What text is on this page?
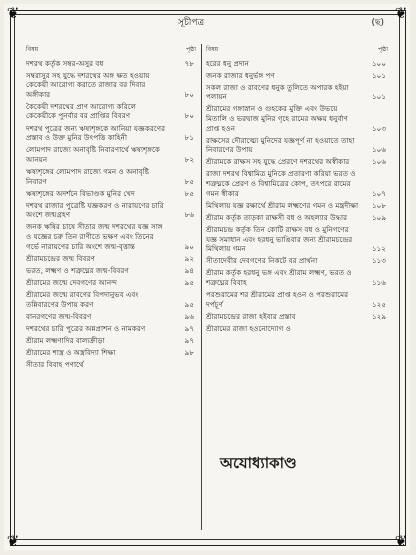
❦	❦
❦	❦
সূচীপত্র	(ছ)
বিষয়	পৃষ্ঠা
দশরথ কর্তৃক সম্বর-অসুর বধ	৭৮
সম্বরাসুর সহ যুদ্ধে দশরথের অঙ্গ ক্ষত হওয়ায় কেকেয়ী আরোগ্য করাতে রাজার বর দিবার অঙ্গীকার	৮০
কৈকেয়ী দশরথের প্রাণ আরোগ্য করিলে কেকেয়ীকে পুনর্বার বর প্রাপ্তির বিবরণ	৮০
দশরথ পুত্রের জন্য ঋষ্যশৃঙ্গকে আনিয়া যজ্ঞকরণের প্রস্তাব ও উক্ত মুনির উৎপত্তি কাহিনী	৮১
লোমপাদ রাজ্যে অনাবৃষ্টি নিবারণার্থে ঋষ্যশৃঙ্গকে আনয়ন	৮২
ঋষ্যশৃঙ্গের লোমপাদ রাজ্যে গমন ও অনাবৃষ্টি নিবারণ	৮৫
ঋষ্যশৃঙ্গের অদর্শনে বিভাণ্ডক মুনির খেদ	৮৫
দশরথ রাজার পুত্রেষ্টি যজ্ঞকরণ ও নারায়ণের চারি অংশে জন্মগ্রহণ	৮৬
জনক ঋষির চাষে সীতার জন্ম দশরথের যজ্ঞ সাঙ্গ ও যজ্ঞের চরু তিন রাণীতে ভক্ষণ এবং তিনের গর্ভে নারায়ণের চারি অংশে জন্ম-বৃত্তান্ত	৯০
শ্রীরামচন্দ্রের জন্ম বিবরণ	৯২
ভরত, লক্ষ্মণ ও শত্রুঘ্নের জন্ম-বিবরণ	৯৪
শ্রীরামের জন্মে দেবগণের আনন্দ	৯৫
শ্রীরামের জন্মে রাবণের বিপদানুভব এবং তন্নিবারণের উপায় করণ	৯৫
বানরগণের জন্ম-বিবরণ	৯৬
দশরথের চারি পুত্রের অন্নপ্রাশন ও নামকরণ	৯৭
শ্রীরাম লক্ষ্মণাদির বাল্যক্রীড়া	৯৭
শ্রীরামের শাস্ত্র ও অস্ত্রবিদ্যা শিক্ষা	৯৮
সীতার বিবাহ পণার্থে
বিষয়	পৃষ্ঠা
হরের ধনু প্রদান	১০০
জনক রাজার ধনুর্ভঙ্গ পণ	১০১
সকল রাজা ও রাবণের ধনুক তুলিতে অপারক হইয়া পলায়ন	১০১
শ্রীরামের গঙ্গাস্নান ও গুহকের মুক্তি এবং উভয়ে মিতালি ও ভরদ্বাজ মুনির গৃহে রামের অক্ষয় ধনুর্বাণ প্রাপ্ত হওন	১০৩
রাক্ষসের দৌরাত্ম্যে মুনিদের যজ্ঞপূর্ণ না হওয়াতে তাহা নিবারণের উপায়	১০৬
শ্রীরামকে রাক্ষস সহ যুদ্ধে প্রেরণে দশরথের অস্বীকার	১০৬
রাজা দশরথ বিশ্বামিত্র মুনিকে প্রতারণা করিয়া ভরত ও শত্রুঘ্নকে প্রেরণ ও বিশ্বামিত্রের কোপ, তৎপরে রামের গমন স্বীকার	১০৭
মিথিলায় যজ্ঞ রক্ষার্থে শ্রীরাম লক্ষ্মণের গমন ও মন্ত্রদীক্ষা ১০৮
শ্রীরাম কর্তৃক তাড়কা রাক্ষসী বধ ও অহল্যার উদ্ধার	১০৯
শ্রীরামচন্দ্র কর্তৃক তিন কোটি রাক্ষস বধ ও মুনিগণের যজ্ঞ সমাধান এবং হরধনু ভাঙিবার জন্য শ্রীরামচন্দ্রের মিথিলায় গমন	১১২
সীতাদেবীর দেবগণের নিকটে বর প্রার্থনা	১১৩
শ্রীরাম কর্তৃক হরধনু ভঙ্গ এবং শ্রীরাম লক্ষ্মণ, ভরত ও শত্রুঘ্নের বিবাহ	১১৬
পরশুরামের শর শ্রীরামের প্রাপ্ত হওন ও পরশুরামের দর্পচূর্ণ	১২৫
শ্রীরামচন্দ্রের রাজা হইবার প্রস্তাব	১২৯
শ্রীরামের রাজা হওনোদ্যোগ ও
অযোধ্যাকাণ্ড
